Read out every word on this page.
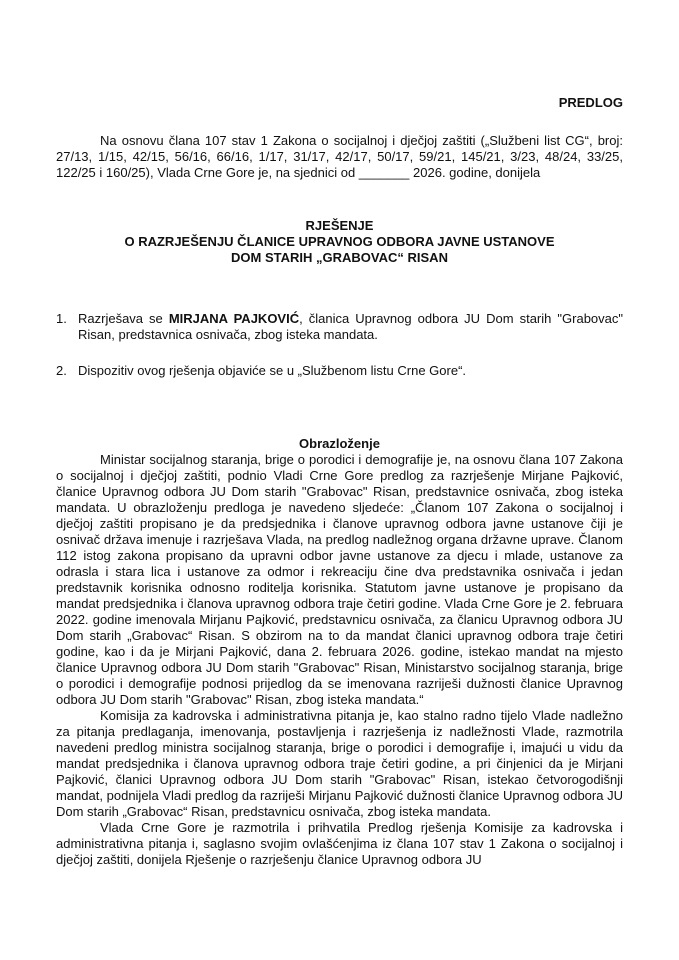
PREDLOG

Na osnovu člana 107 stav 1 Zakona o socijalnoj i dječjoj zaštiti („Službeni list CG“, broj: 27/13, 1/15, 42/15, 56/16, 66/16, 1/17, 31/17, 42/17, 50/17, 59/21, 145/21, 3/23, 48/24, 33/25, 122/25 i 160/25), Vlada Crne Gore je, na sjednici od _______ 2026. godine, donijela

RJEŠENJE
O RAZRJEŠENJU ČLANICE UPRAVNOG ODBORA JAVNE USTANOVE
DOM STARIH „GRABOVAC“ RISAN
1. Razrješava se MIRJANA PAJKOVIĆ, članica Upravnog odbora JU Dom starih "Grabovac" Risan, predstavnica osnivača, zbog isteka mandata.
2. Dispozitiv ovog rješenja objaviće se u „Službenom listu Crne Gore“.
Obrazloženje

Ministar socijalnog staranja, brige o porodici i demografije je, na osnovu člana 107 Zakona o socijalnoj i dječjoj zaštiti, podnio Vladi Crne Gore predlog za razrješenje Mirjane Pajković, članice Upravnog odbora JU Dom starih "Grabovac" Risan, predstavnice osnivača, zbog isteka mandata. U obrazloženju predloga je navedeno sljedeće: „Članom 107 Zakona o socijalnoj i dječjoj zaštiti propisano je da predsjednika i članove upravnog odbora javne ustanove čiji je osnivač država imenuje i razrješava Vlada, na predlog nadležnog organa državne uprave. Članom 112 istog zakona propisano da upravni odbor javne ustanove za djecu i mlade, ustanove za odrasla i stara lica i ustanove za odmor i rekreaciju čine dva predstavnika osnivača i jedan predstavnik korisnika odnosno roditelja korisnika. Statutom javne ustanove je propisano da mandat predsjednika i članova upravnog odbora traje četiri godine. Vlada Crne Gore je 2. februara 2022. godine imenovala Mirjanu Pajković, predstavnicu osnivača, za članicu Upravnog odbora JU Dom starih „Grabovac“ Risan. S obzirom na to da mandat članici upravnog odbora traje četiri godine, kao i da je Mirjani Pajković, dana 2. februara 2026. godine, istekao mandat na mjesto članice Upravnog odbora JU Dom starih "Grabovac" Risan, Ministarstvo socijalnog staranja, brige o porodici i demografije podnosi prijedlog da se imenovana razriješi dužnosti članice Upravnog odbora JU Dom starih "Grabovac" Risan, zbog isteka mandata.“

Komisija za kadrovska i administrativna pitanja je, kao stalno radno tijelo Vlade nadležno za pitanja predlaganja, imenovanja, postavljenja i razrješenja iz nadležnosti Vlade, razmotrila navedeni predlog ministra socijalnog staranja, brige o porodici i demografije i, imajući u vidu da mandat predsjednika i članova upravnog odbora traje četiri godine, a pri činjenici da je Mirjani Pajković, članici Upravnog odbora JU Dom starih "Grabovac" Risan, istekao četvorogodišnji mandat, podnijela Vladi predlog da razriješi Mirjanu Pajković dužnosti članice Upravnog odbora JU Dom starih „Grabovac“ Risan, predstavnicu osnivača, zbog isteka mandata.

Vlada Crne Gore je razmotrila i prihvatila Predlog rješenja Komisije za kadrovska i administrativna pitanja i, saglasno svojim ovlašćenjima iz člana 107 stav 1 Zakona o socijalnoj i dječjoj zaštiti, donijela Rješenje o razrješenju članice Upravnog odbora JU
